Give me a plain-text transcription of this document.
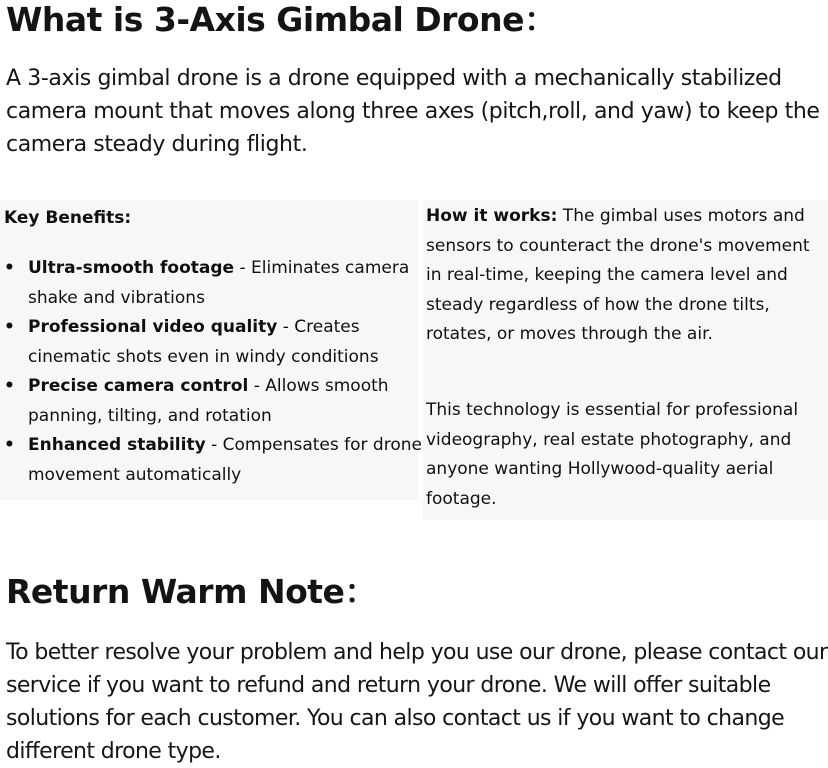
What is 3-Axis Gimbal Drone：

A 3-axis gimbal drone is a drone equipped with a mechanically stabilized camera mount that moves along three axes (pitch,roll, and yaw) to keep the camera steady during flight.

Key Benefits:
• Ultra-smooth footage - Eliminates camera shake and vibrations
• Professional video quality - Creates cinematic shots even in windy conditions
• Precise camera control - Allows smooth panning, tilting, and rotation
• Enhanced stability - Compensates for drone movement automatically

How it works: The gimbal uses motors and sensors to counteract the drone's movement in real-time, keeping the camera level and steady regardless of how the drone tilts, rotates, or moves through the air.

This technology is essential for professional videography, real estate photography, and anyone wanting Hollywood-quality aerial footage.

Return Warm Note：

To better resolve your problem and help you use our drone, please contact our service if you want to refund and return your drone. We will offer suitable solutions for each customer. You can also contact us if you want to change different drone type.
